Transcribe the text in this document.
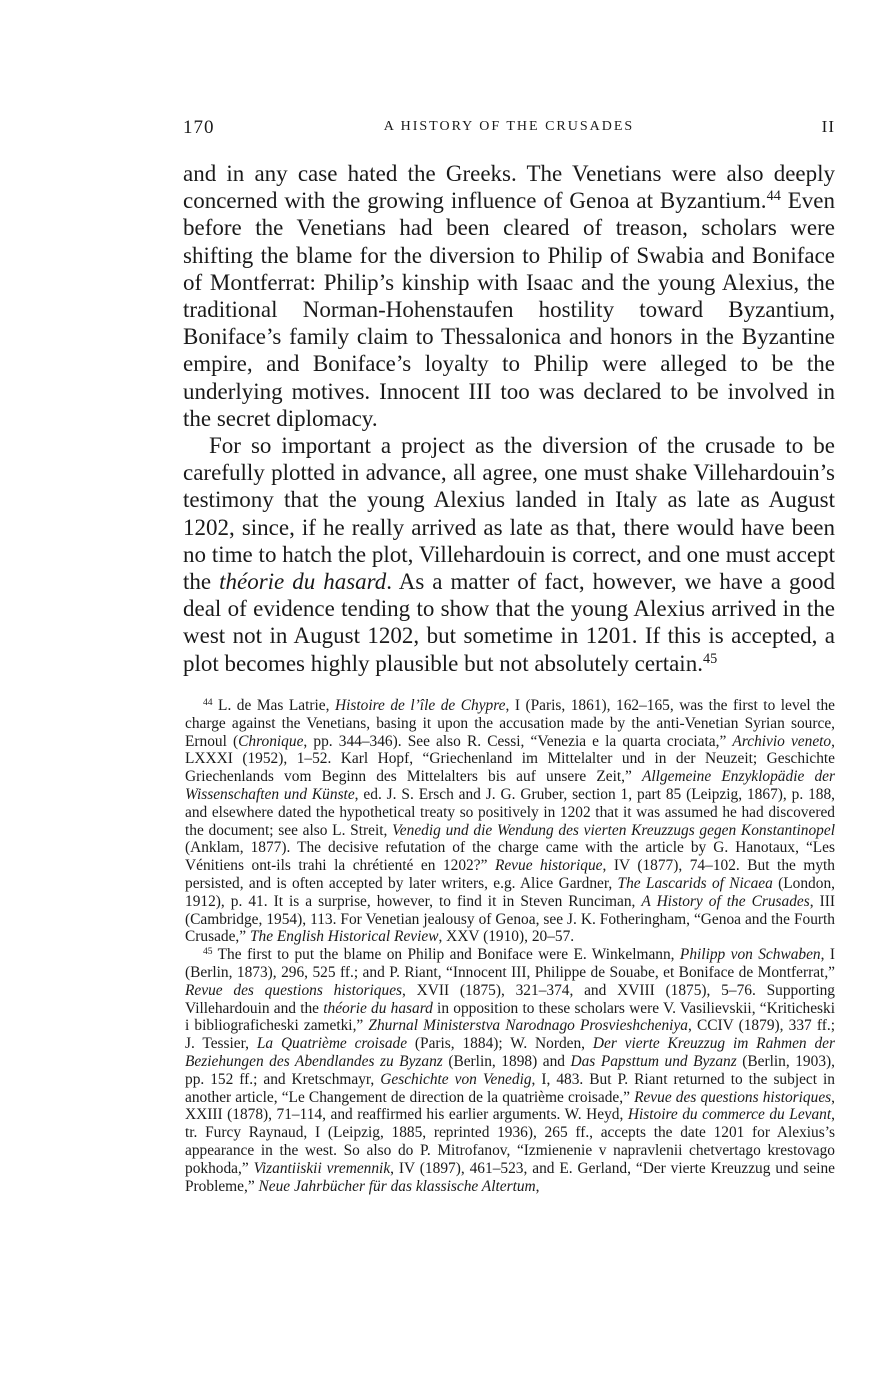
170	A HISTORY OF THE CRUSADES	II

and in any case hated the Greeks. The Venetians were also deeply concerned with the growing influence of Genoa at Byzantium.$^{44}$ Even before the Venetians had been cleared of treason, scholars were shifting the blame for the diversion to Philip of Swabia and Boniface of Montferrat: Philip’s kinship with Isaac and the young Alexius, the traditional Norman-Hohenstaufen hostility toward Byzantium, Boniface’s family claim to Thessalonica and honors in the Byzantine empire, and Boniface’s loyalty to Philip were alleged to be the underlying motives. Innocent III too was declared to be involved in the secret diplomacy.

For so important a project as the diversion of the crusade to be carefully plotted in advance, all agree, one must shake Villehardouin’s testimony that the young Alexius landed in Italy as late as August 1202, since, if he really arrived as late as that, there would have been no time to hatch the plot, Villehardouin is correct, and one must accept the théorie du hasard. As a matter of fact, however, we have a good deal of evidence tending to show that the young Alexius arrived in the west not in August 1202, but sometime in 1201. If this is accepted, a plot becomes highly plausible but not absolutely certain.$^{45}$

$^{44}$ L. de Mas Latrie, Histoire de l’île de Chypre, I (Paris, 1861), 162–165, was the first to level the charge against the Venetians, basing it upon the accusation made by the anti-Venetian Syrian source, Ernoul (Chronique, pp. 344–346). See also R. Cessi, “Venezia e la quarta crociata,” Archivio veneto, LXXXI (1952), 1–52. Karl Hopf, “Griechenland im Mittelalter und in der Neuzeit; Geschichte Griechenlands vom Beginn des Mittelalters bis auf unsere Zeit,” Allgemeine Enzyklopädie der Wissenschaften und Künste, ed. J. S. Ersch and J. G. Gruber, section 1, part 85 (Leipzig, 1867), p. 188, and elsewhere dated the hypothetical treaty so positively in 1202 that it was assumed he had discovered the document; see also L. Streit, Venedig und die Wendung des vierten Kreuzzugs gegen Konstantinopel (Anklam, 1877). The decisive refutation of the charge came with the article by G. Hanotaux, “Les Vénitiens ont-ils trahi la chrétienté en 1202?” Revue historique, IV (1877), 74–102. But the myth persisted, and is often accepted by later writers, e.g. Alice Gardner, The Lascarids of Nicaea (London, 1912), p. 41. It is a surprise, however, to find it in Steven Runciman, A History of the Crusades, III (Cambridge, 1954), 113. For Venetian jealousy of Genoa, see J. K. Fotheringham, “Genoa and the Fourth Crusade,” The English Historical Review, XXV (1910), 20–57.

$^{45}$ The first to put the blame on Philip and Boniface were E. Winkelmann, Philipp von Schwaben, I (Berlin, 1873), 296, 525 ff.; and P. Riant, “Innocent III, Philippe de Souabe, et Boniface de Montferrat,” Revue des questions historiques, XVII (1875), 321–374, and XVIII (1875), 5–76. Supporting Villehardouin and the théorie du hasard in opposition to these scholars were V. Vasilievskii, “Kriticheski i bibliograficheski zametki,” Zhurnal Ministerstva Narodnago Prosvieshcheniya, CCIV (1879), 337 ff.; J. Tessier, La Quatrième croisade (Paris, 1884); W. Norden, Der vierte Kreuzzug im Rahmen der Beziehungen des Abendlandes zu Byzanz (Berlin, 1898) and Das Papsttum und Byzanz (Berlin, 1903), pp. 152 ff.; and Kretschmayr, Geschichte von Venedig, I, 483. But P. Riant returned to the subject in another article, “Le Changement de direction de la quatrième croisade,” Revue des questions historiques, XXIII (1878), 71–114, and reaffirmed his earlier arguments. W. Heyd, Histoire du commerce du Levant, tr. Furcy Raynaud, I (Leipzig, 1885, reprinted 1936), 265 ff., accepts the date 1201 for Alexius’s appearance in the west. So also do P. Mitrofanov, “Izmienenie v napravlenii chetvertago krestovago pokhoda,” Vizantiiskii vremennik, IV (1897), 461–523, and E. Gerland, “Der vierte Kreuzzug und seine Probleme,” Neue Jahrbücher für das klassische Altertum,
